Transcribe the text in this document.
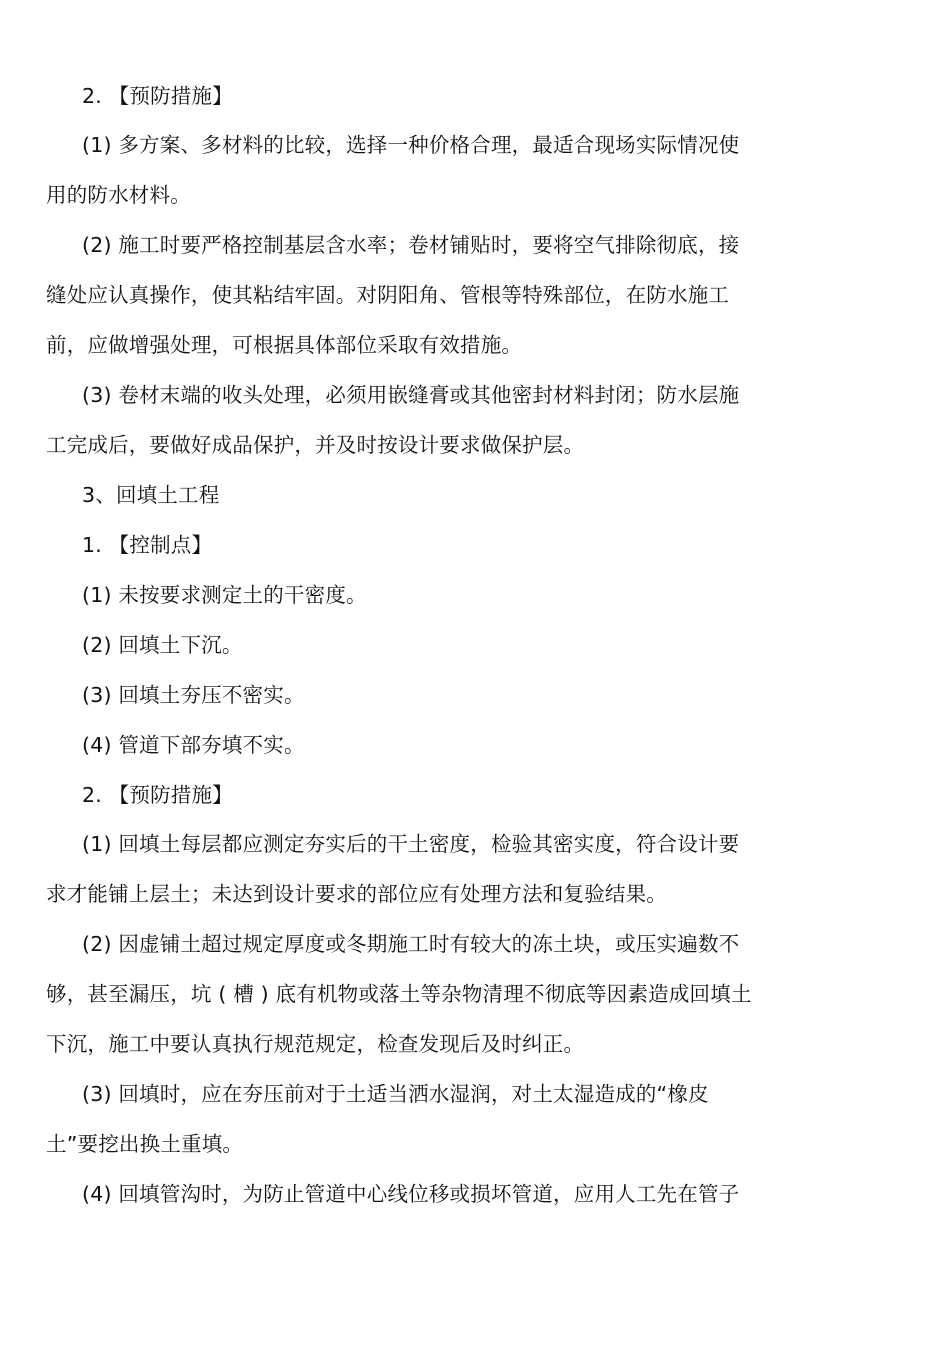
2. 【预防措施】
(1) 多方案、多材料的比较，选择一种价格合理，最适合现场实际情况使
用的防水材料。
(2) 施工时要严格控制基层含水率；卷材铺贴时，要将空气排除彻底，接
缝处应认真操作，使其粘结牢固。对阴阳角、管根等特殊部位，在防水施工
前，应做增强处理，可根据具体部位采取有效措施。
(3) 卷材末端的收头处理，必须用嵌缝膏或其他密封材料封闭；防水层施
工完成后，要做好成品保护，并及时按设计要求做保护层。
3、回填土工程
1. 【控制点】
(1) 未按要求测定土的干密度。
(2) 回填土下沉。
(3) 回填土夯压不密实。
(4) 管道下部夯填不实。
2. 【预防措施】
(1) 回填土每层都应测定夯实后的干土密度，检验其密实度，符合设计要
求才能铺上层土；未达到设计要求的部位应有处理方法和复验结果。
(2) 因虚铺土超过规定厚度或冬期施工时有较大的冻土块，或压实遍数不
够，甚至漏压，坑 ( 槽 ) 底有机物或落土等杂物清理不彻底等因素造成回填土
下沉，施工中要认真执行规范规定，检查发现后及时纠正。
(3) 回填时，应在夯压前对于土适当洒水湿润，对土太湿造成的“橡皮
土”要挖出换土重填。
(4) 回填管沟时，为防止管道中心线位移或损坏管道，应用人工先在管子
